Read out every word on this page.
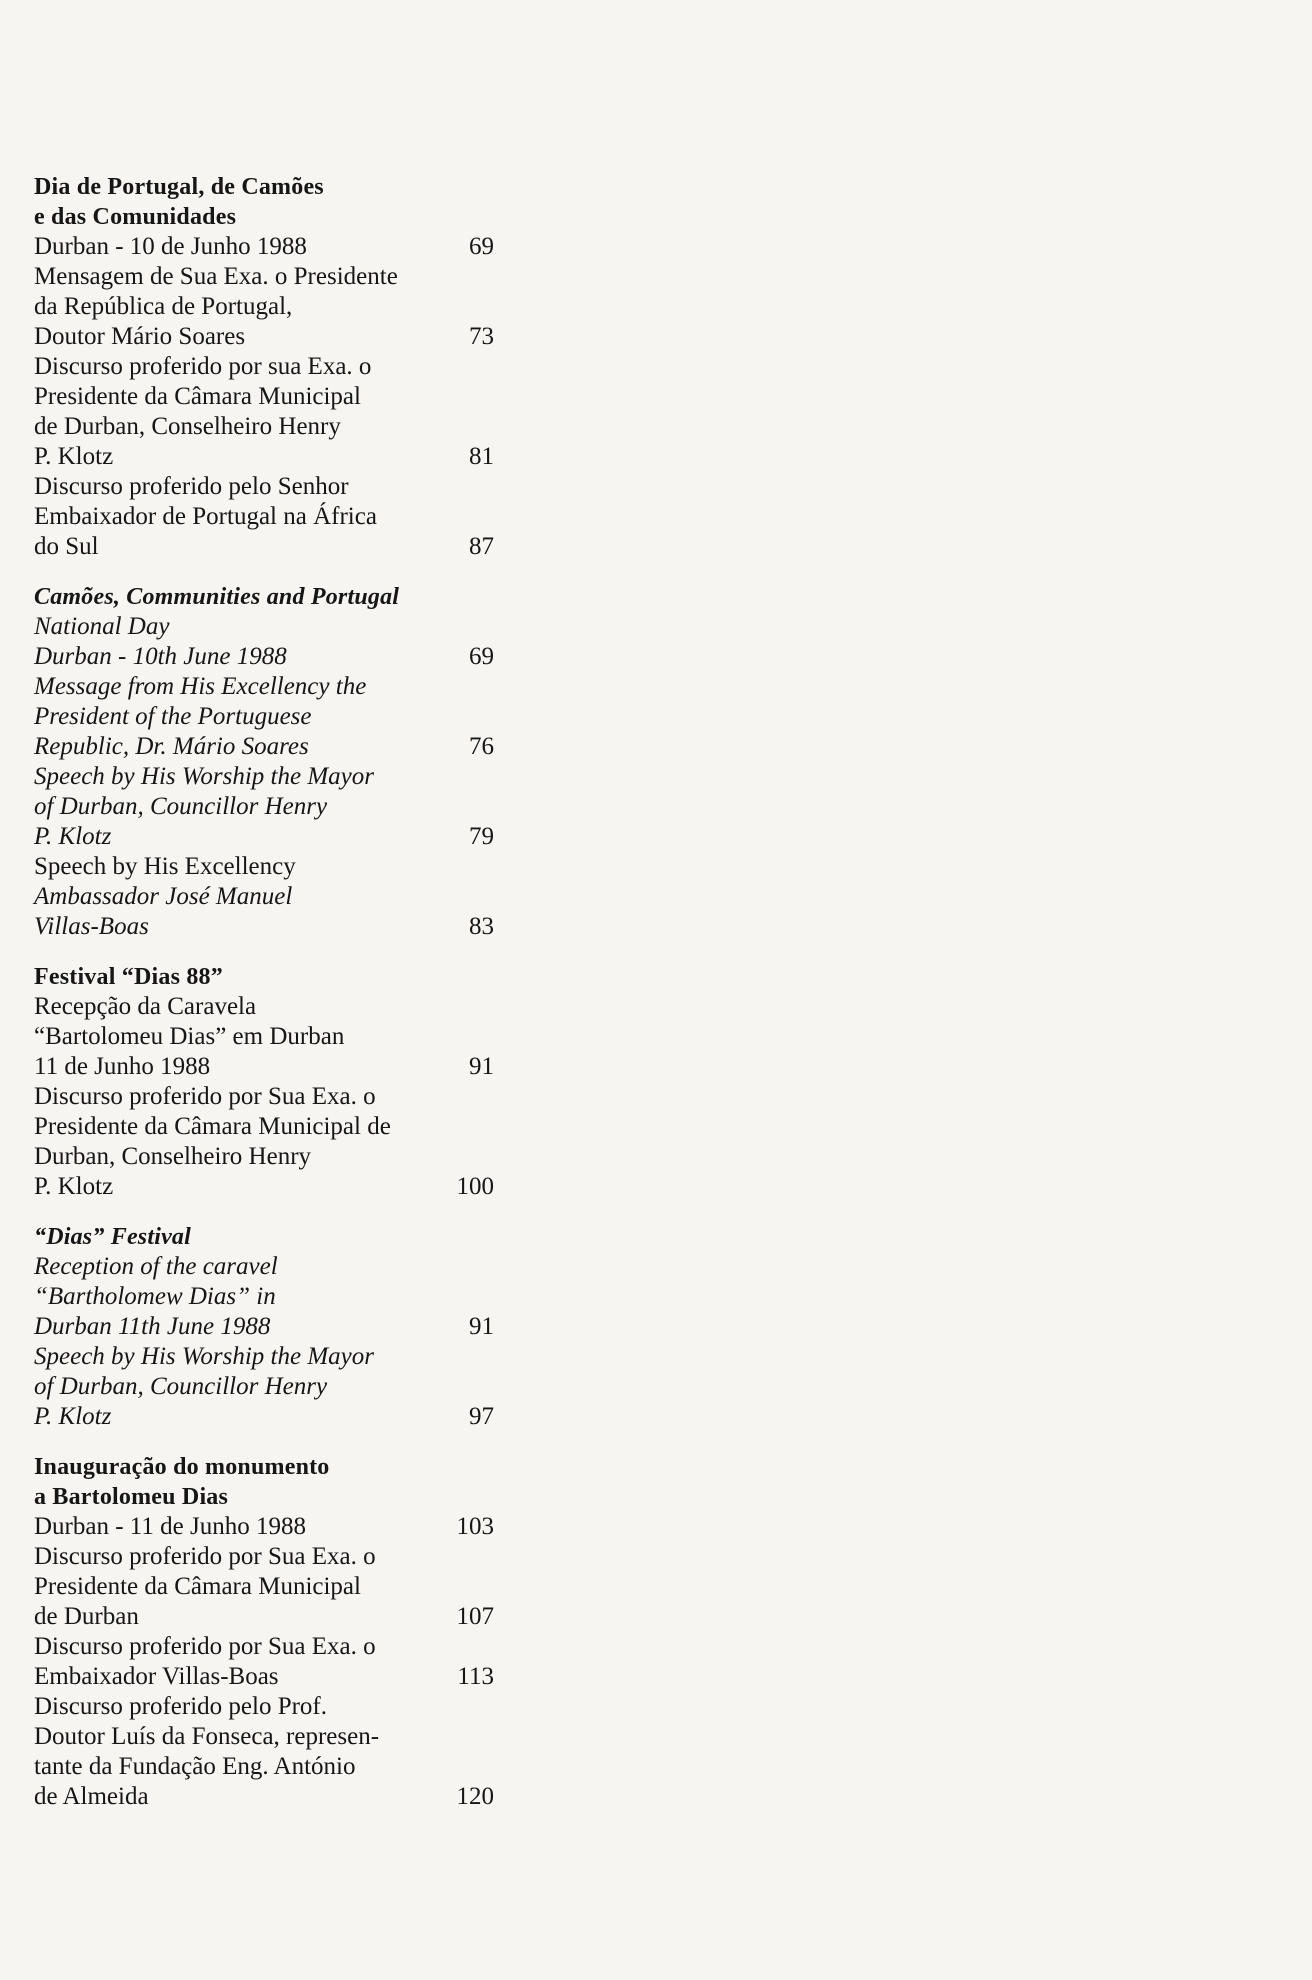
Dia de Portugal, de Camões
e das Comunidades
Durban - 10 de Junho 1988	69
Mensagem de Sua Exa. o Presidente
da República de Portugal,
Doutor Mário Soares	73
Discurso proferido por sua Exa. o
Presidente da Câmara Municipal
de Durban, Conselheiro Henry
P. Klotz	81
Discurso proferido pelo Senhor
Embaixador de Portugal na África
do Sul	87
Camões, Communities and Portugal
National Day
Durban - 10th June 1988	69
Message from His Excellency the
President of the Portuguese
Republic, Dr. Mário Soares	76
Speech by His Worship the Mayor
of Durban, Councillor Henry
P. Klotz	79
Speech by His Excellency
Ambassador José Manuel
Villas-Boas	83
Festival “Dias 88”
Recepção da Caravela
“Bartolomeu Dias” em Durban
11 de Junho 1988	91
Discurso proferido por Sua Exa. o
Presidente da Câmara Municipal de
Durban, Conselheiro Henry
P. Klotz	100
“Dias” Festival
Reception of the caravel
“Bartholomew Dias” in
Durban 11th June 1988	91
Speech by His Worship the Mayor
of Durban, Councillor Henry
P. Klotz	97
Inauguração do monumento
a Bartolomeu Dias
Durban - 11 de Junho 1988	103
Discurso proferido por Sua Exa. o
Presidente da Câmara Municipal
de Durban	107
Discurso proferido por Sua Exa. o
Embaixador Villas-Boas	113
Discurso proferido pelo Prof.
Doutor Luís da Fonseca, represen-
tante da Fundação Eng. António
de Almeida	120
